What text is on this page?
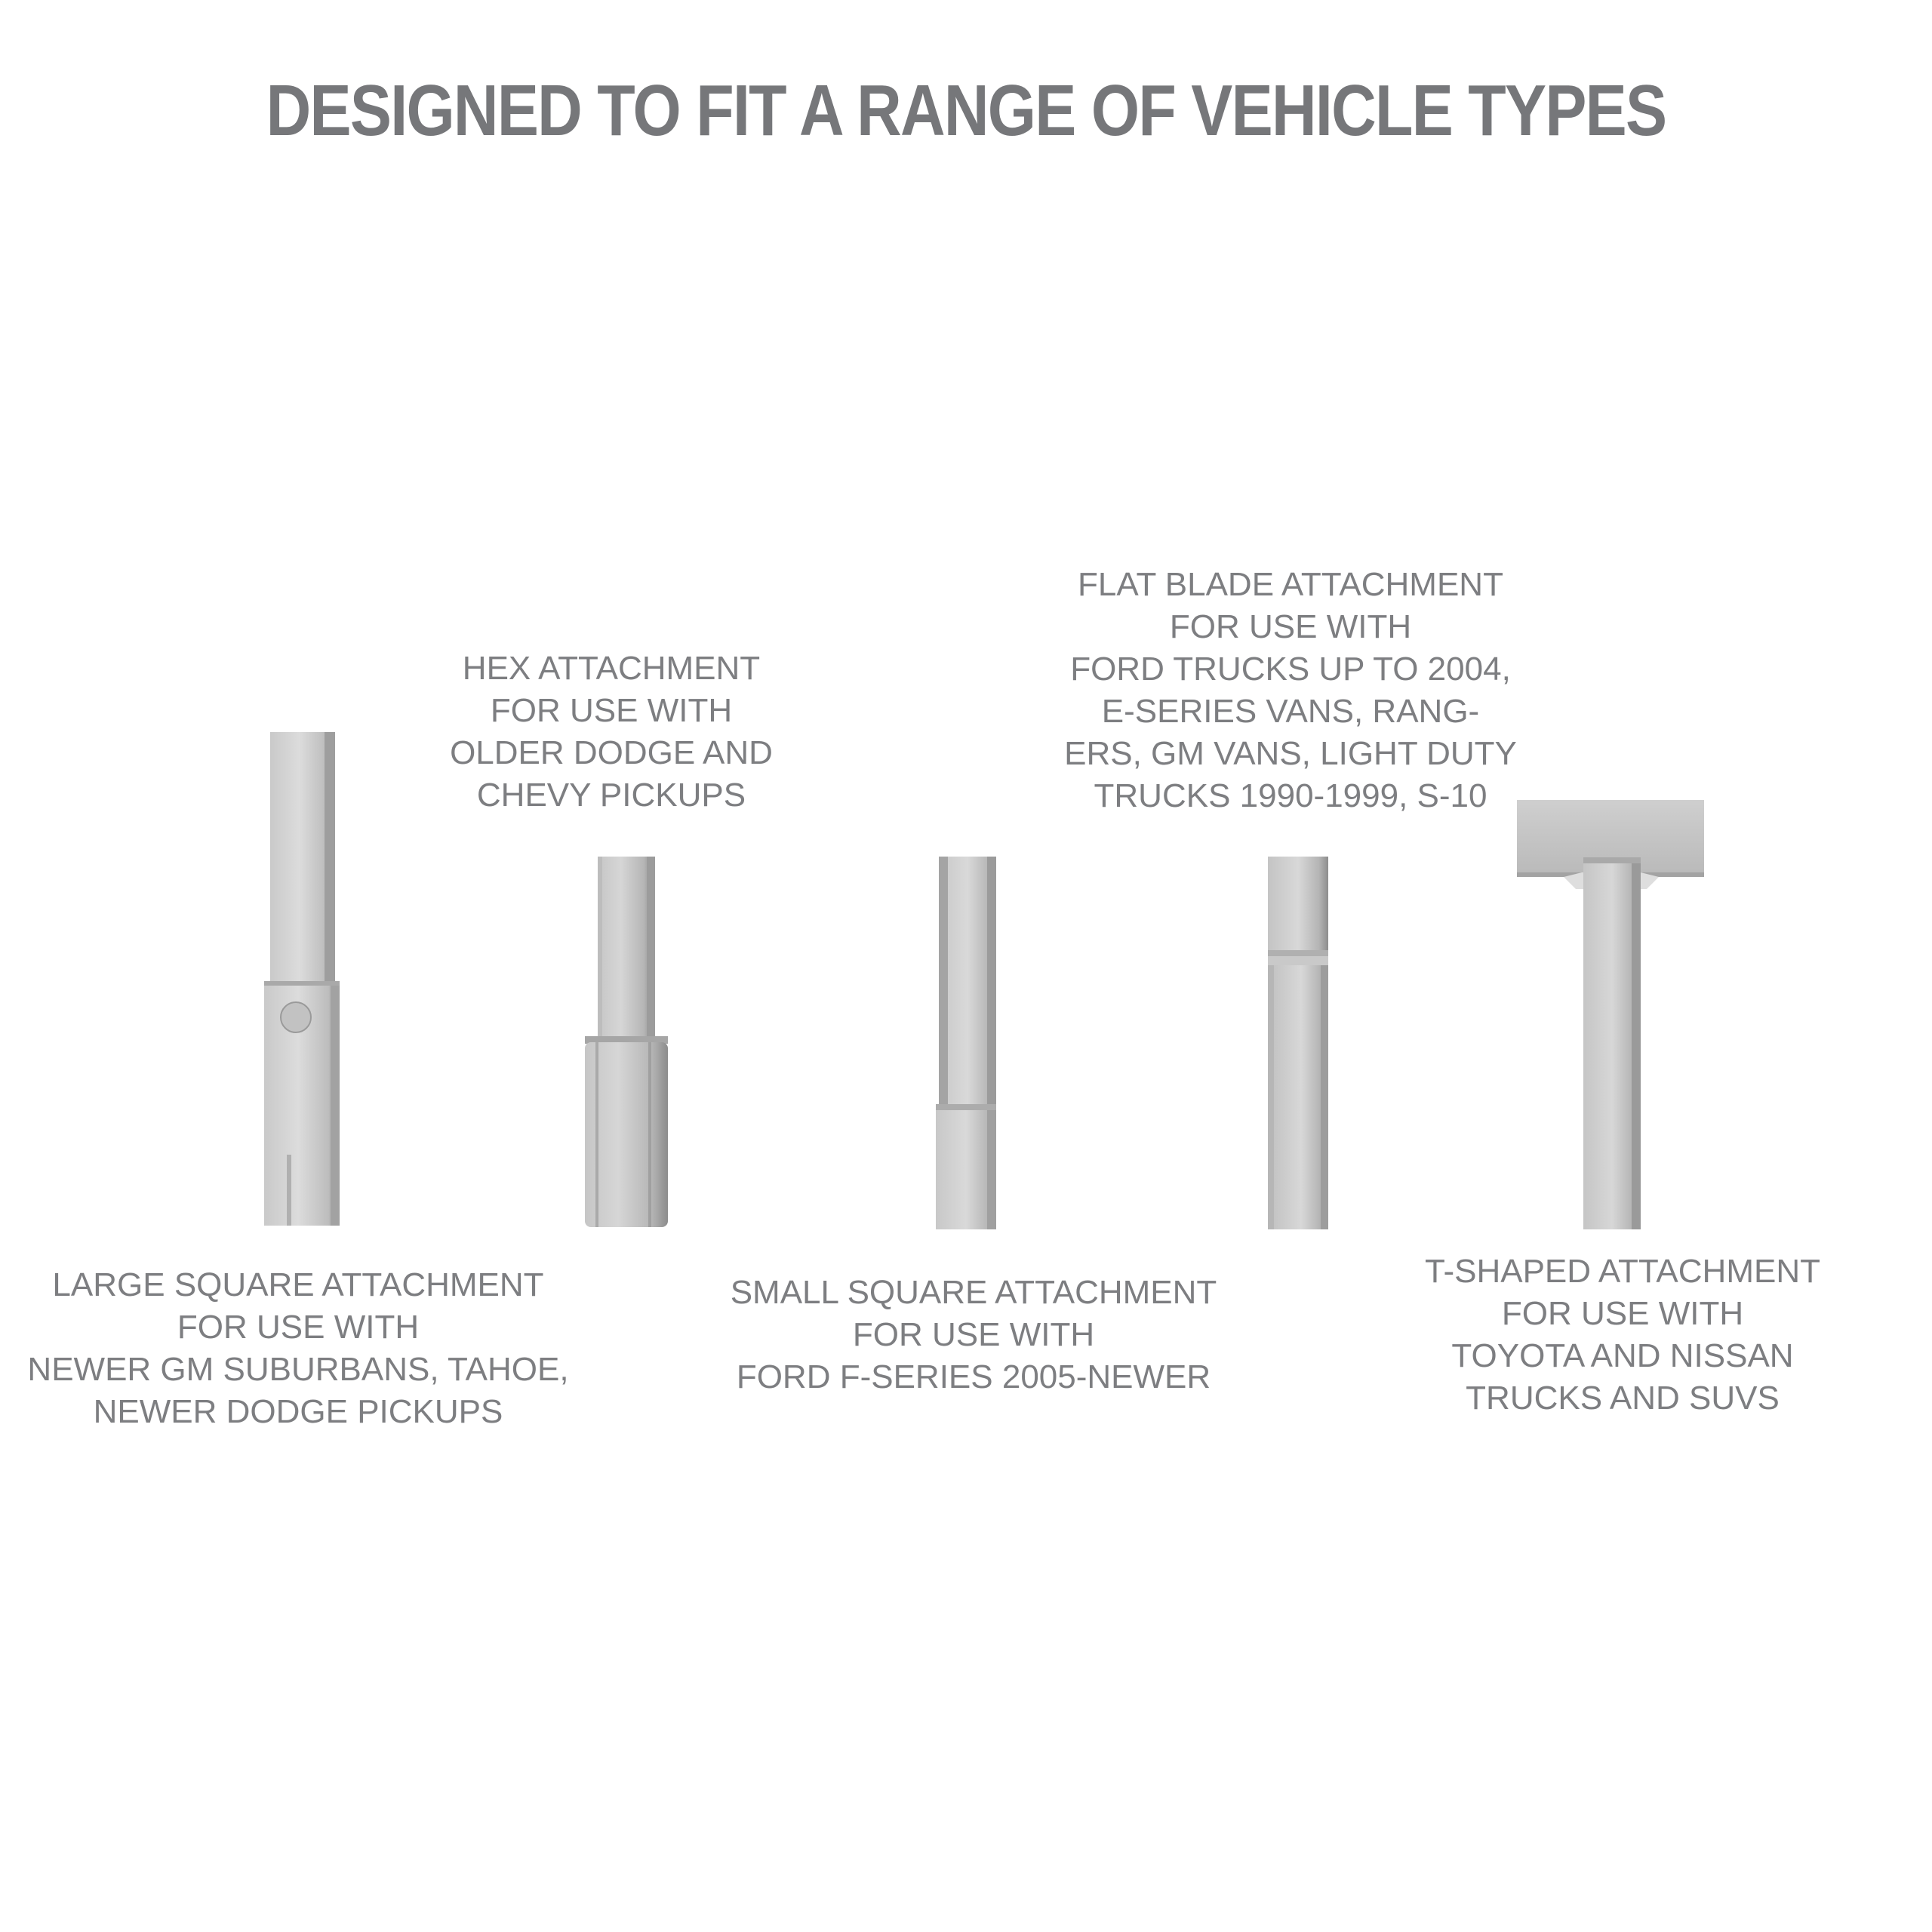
DESIGNED TO FIT A RANGE OF VEHICLE TYPES
LARGE SQUARE ATTACHMENT
FOR USE WITH
NEWER GM SUBURBANS, TAHOE,
NEWER DODGE PICKUPS
HEX ATTACHMENT
FOR USE WITH
OLDER DODGE AND
CHEVY PICKUPS
SMALL SQUARE ATTACHMENT
FOR USE WITH
FORD F-SERIES 2005-NEWER
FLAT BLADE ATTACHMENT
FOR USE WITH
FORD TRUCKS UP TO 2004,
E-SERIES VANS, RANG-
ERS, GM VANS, LIGHT DUTY
TRUCKS 1990-1999, S-10
T-SHAPED ATTACHMENT
FOR USE WITH
TOYOTA AND NISSAN
TRUCKS AND SUVS
